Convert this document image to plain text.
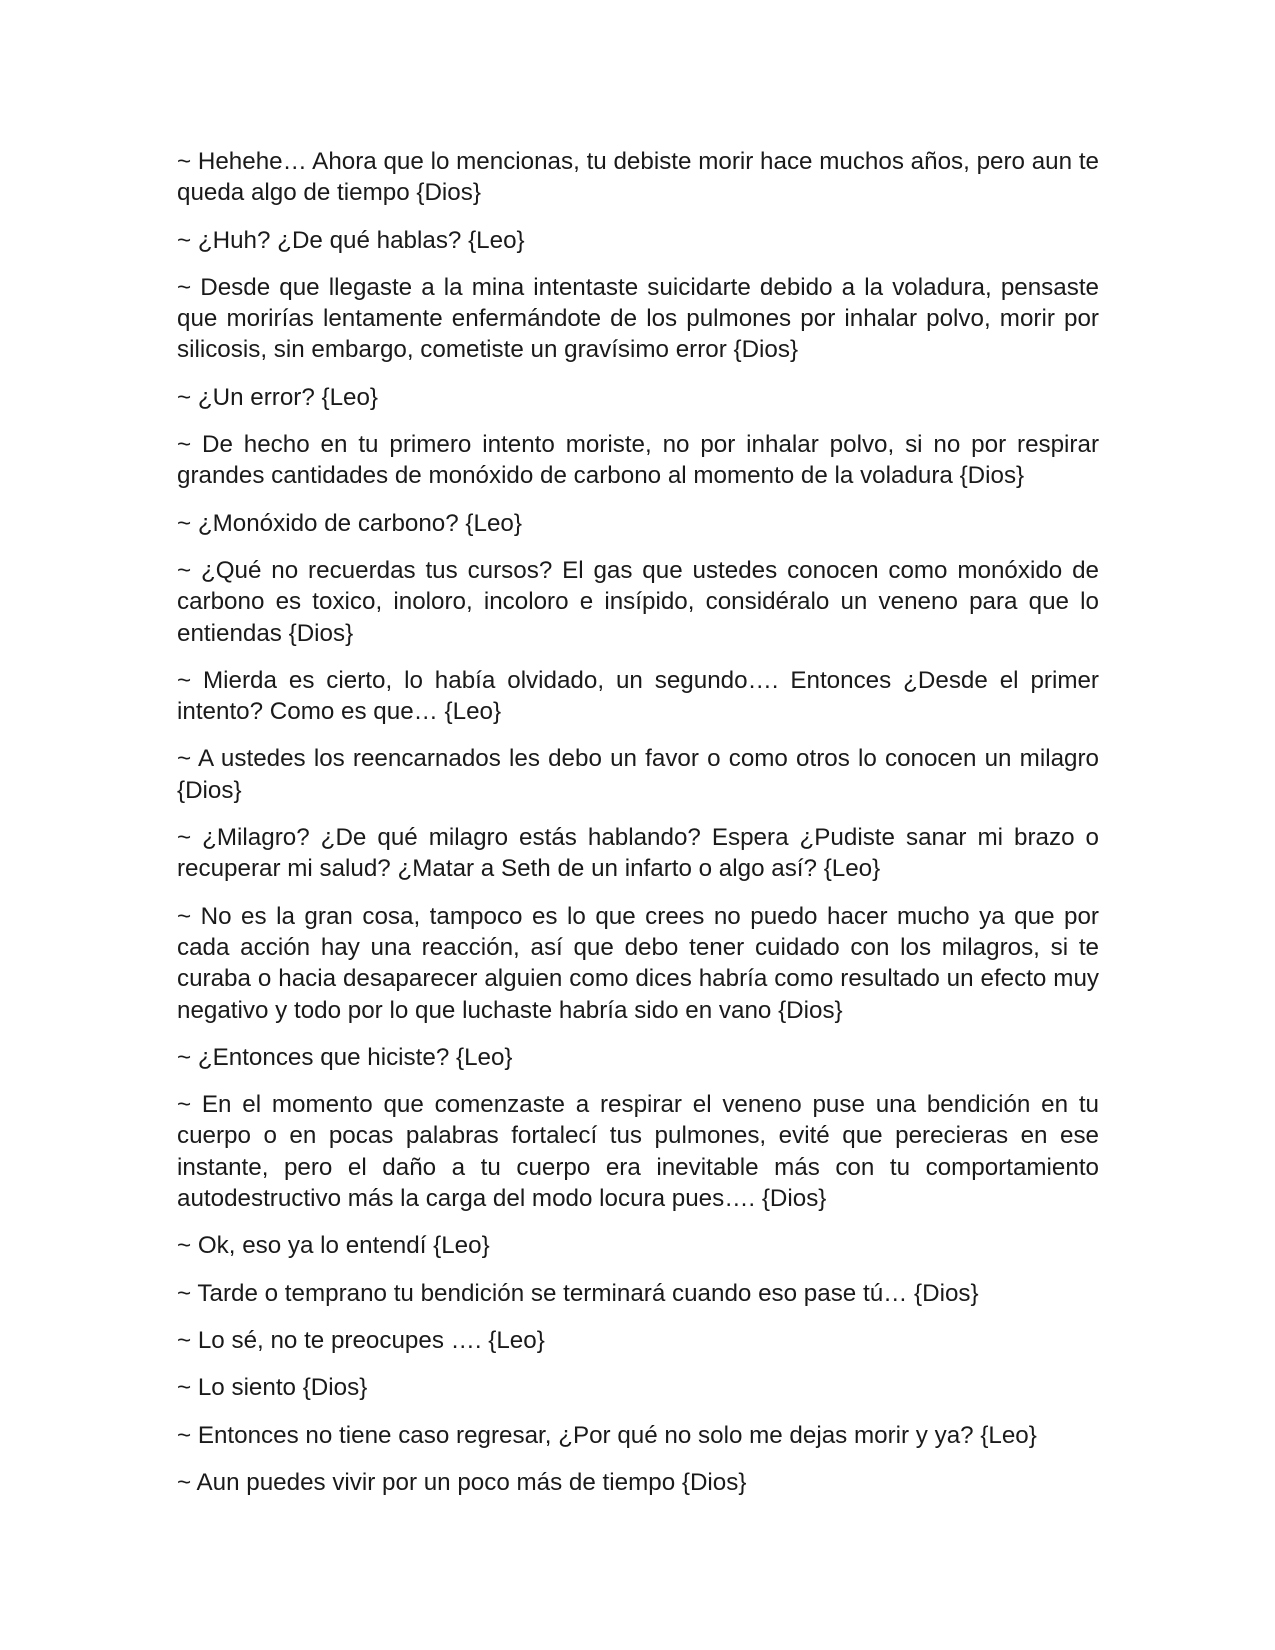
~ Hehehe… Ahora que lo mencionas, tu debiste morir hace muchos años, pero aun te queda algo de tiempo {Dios}

~ ¿Huh? ¿De qué hablas? {Leo}

~ Desde que llegaste a la mina intentaste suicidarte debido a la voladura, pensaste que morirías lentamente enfermándote de los pulmones por inhalar polvo, morir por silicosis, sin embargo, cometiste un gravísimo error {Dios}

~ ¿Un error? {Leo}

~ De hecho en tu primero intento moriste, no por inhalar polvo, si no por respirar grandes cantidades de monóxido de carbono al momento de la voladura {Dios}

~ ¿Monóxido de carbono? {Leo}

~ ¿Qué no recuerdas tus cursos? El gas que ustedes conocen como monóxido de carbono es toxico, inoloro, incoloro e insípido, considéralo un veneno para que lo entiendas {Dios}

~ Mierda es cierto, lo había olvidado, un segundo…. Entonces ¿Desde el primer intento? Como es que… {Leo}

~ A ustedes los reencarnados les debo un favor o como otros lo conocen un milagro {Dios}

~ ¿Milagro? ¿De qué milagro estás hablando? Espera ¿Pudiste sanar mi brazo o recuperar mi salud? ¿Matar a Seth de un infarto o algo así? {Leo}

~ No es la gran cosa, tampoco es lo que crees no puedo hacer mucho ya que por cada acción hay una reacción, así que debo tener cuidado con los milagros, si te curaba o hacia desaparecer alguien como dices habría como resultado un efecto muy negativo y todo por lo que luchaste habría sido en vano {Dios}

~ ¿Entonces que hiciste? {Leo}

~ En el momento que comenzaste a respirar el veneno puse una bendición en tu cuerpo o en pocas palabras fortalecí tus pulmones, evité que perecieras en ese instante, pero el daño a tu cuerpo era inevitable más con tu comportamiento autodestructivo más la carga del modo locura pues…. {Dios}

~ Ok, eso ya lo entendí {Leo}

~ Tarde o temprano tu bendición se terminará cuando eso pase tú… {Dios}

~ Lo sé, no te preocupes …. {Leo}

~ Lo siento {Dios}

~ Entonces no tiene caso regresar, ¿Por qué no solo me dejas morir y ya? {Leo}

~ Aun puedes vivir por un poco más de tiempo {Dios}
